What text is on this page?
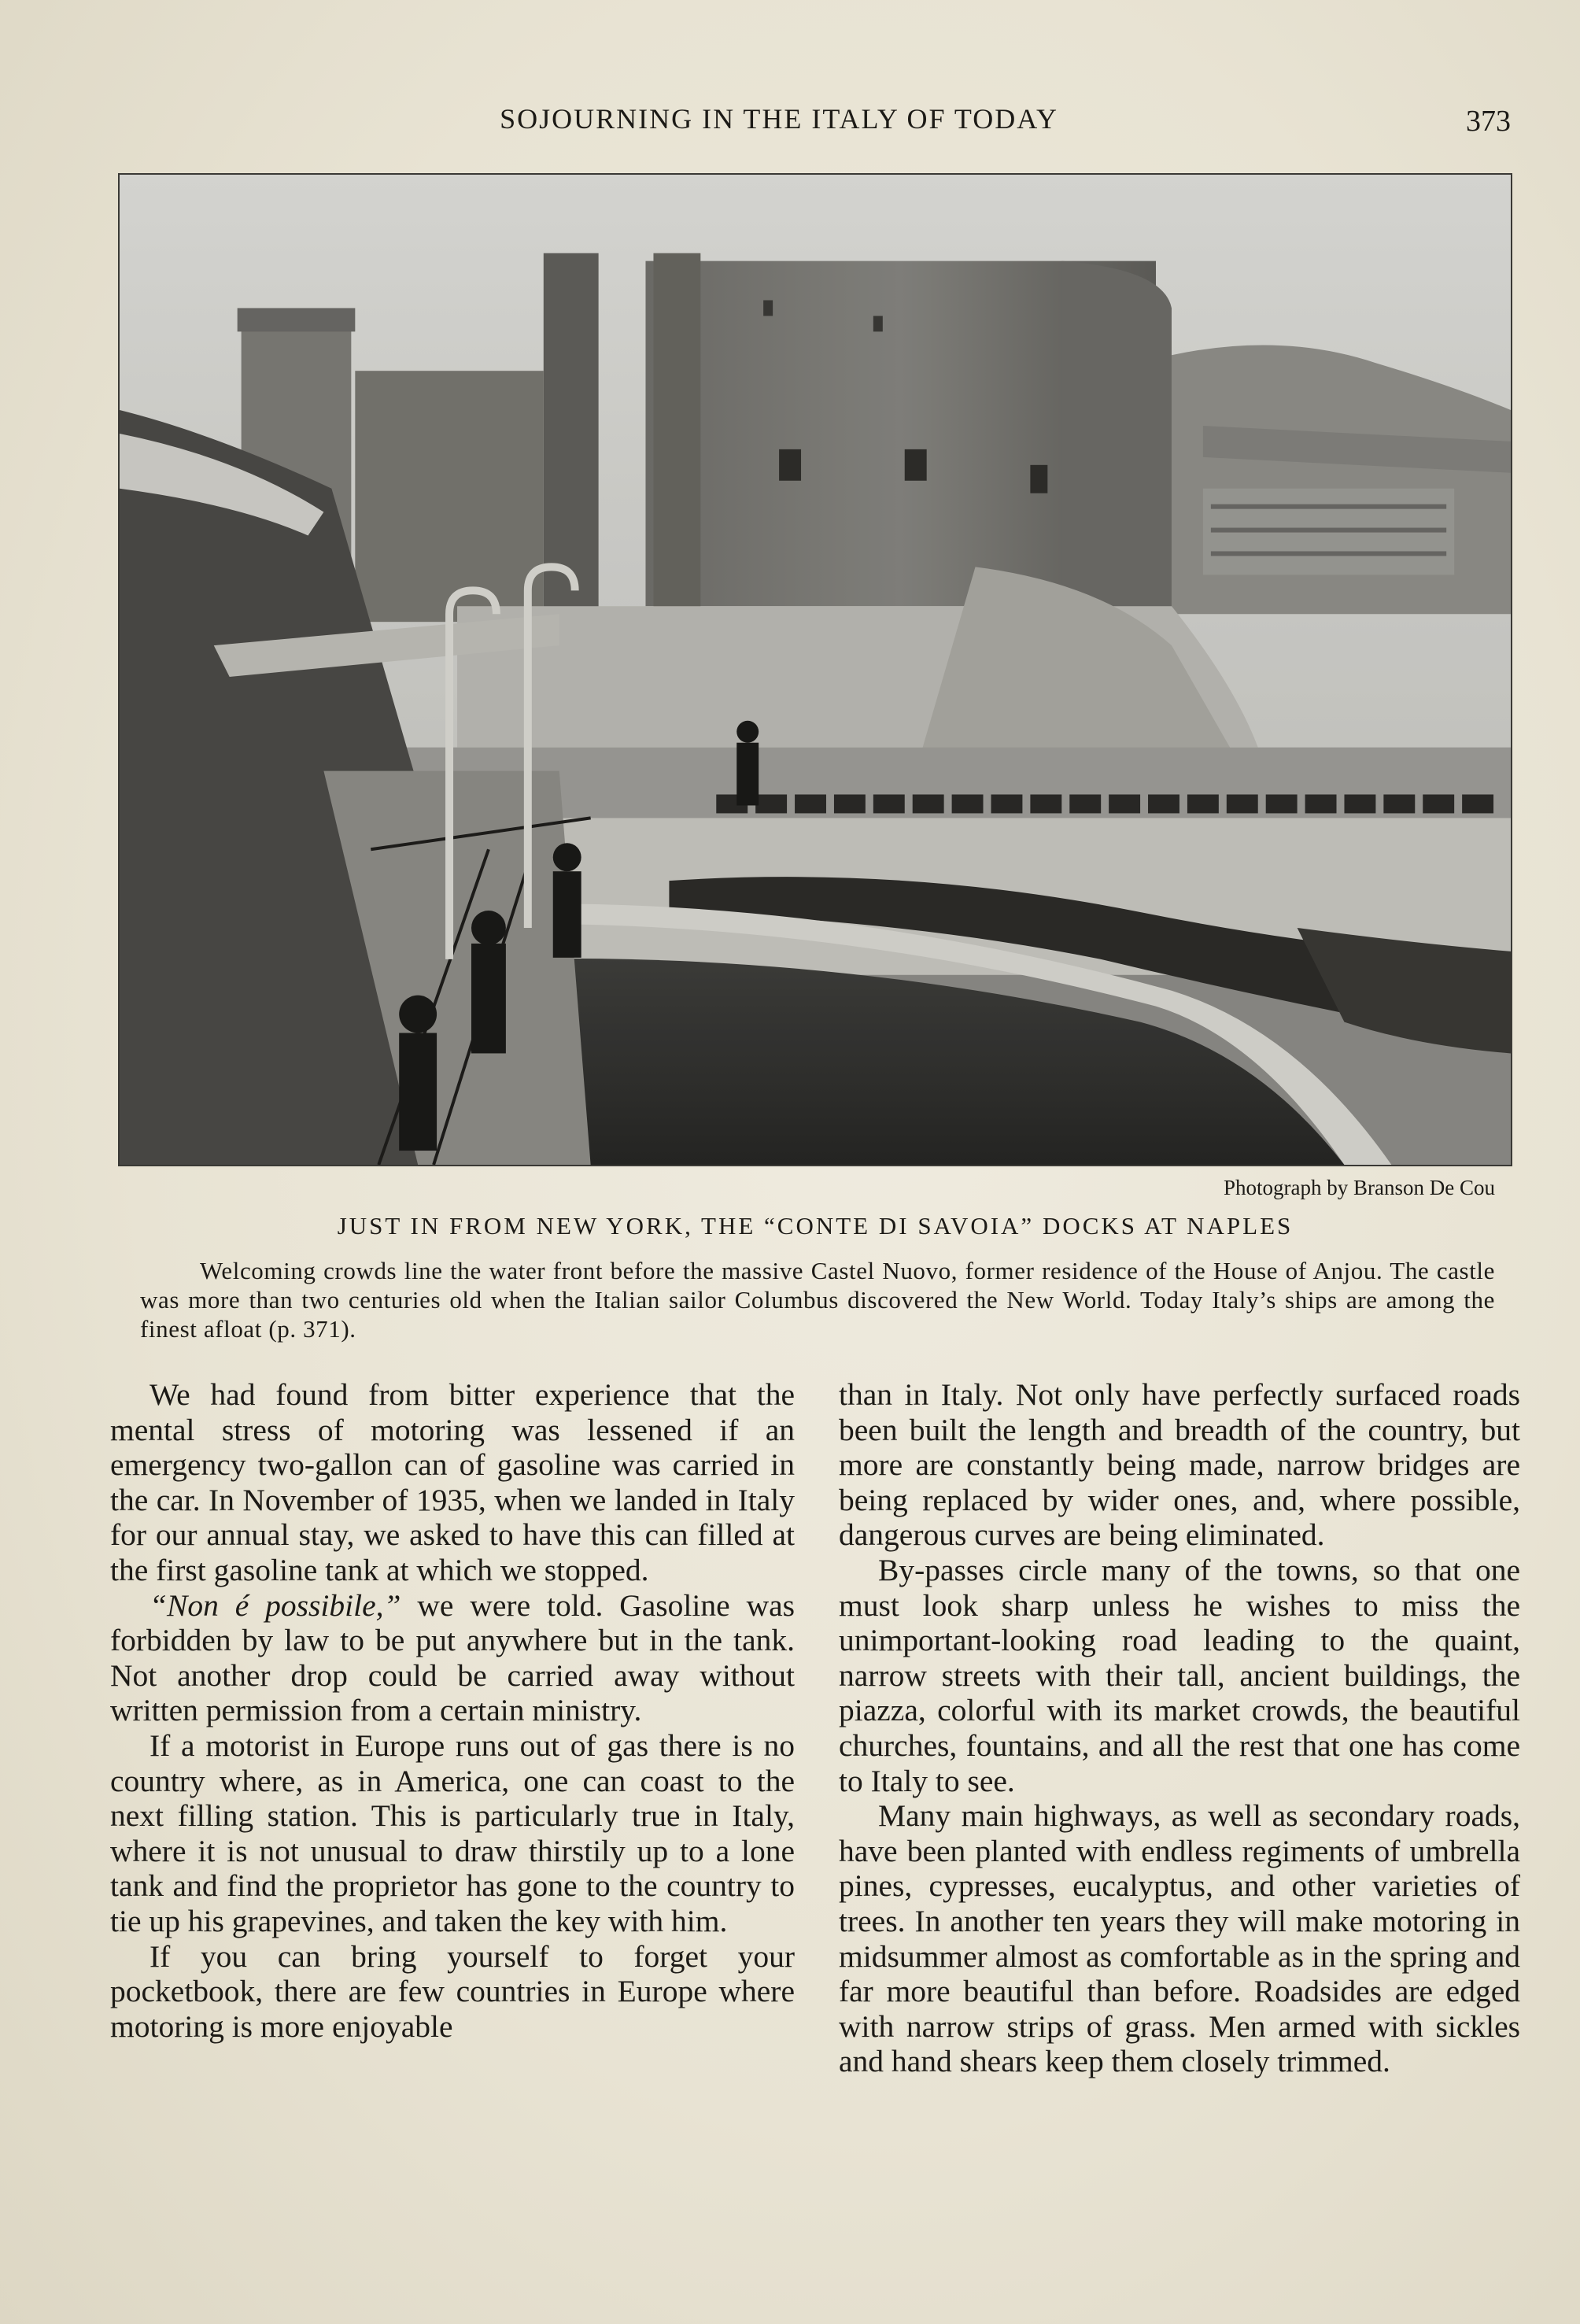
SOJOURNING IN THE ITALY OF TODAY	373
Photograph by Branson De Cou
JUST IN FROM NEW YORK, THE “CONTE DI SAVOIA” DOCKS AT NAPLES
Welcoming crowds line the water front before the massive Castel Nuovo, former residence of the House of Anjou. The castle was more than two centuries old when the Italian sailor Columbus discovered the New World. Today Italy’s ships are among the finest afloat (p. 371).

We had found from bitter experience that the mental stress of motoring was lessened if an emergency two-gallon can of gasoline was carried in the car. In November of 1935, when we landed in Italy for our annual stay, we asked to have this can filled at the first gasoline tank at which we stopped.

“Non é possibile,” we were told. Gasoline was forbidden by law to be put anywhere but in the tank. Not another drop could be carried away without written permission from a certain ministry.

If a motorist in Europe runs out of gas there is no country where, as in America, one can coast to the next filling station. This is particularly true in Italy, where it is not unusual to draw thirstily up to a lone tank and find the proprietor has gone to the country to tie up his grapevines, and taken the key with him.

If you can bring yourself to forget your pocketbook, there are few countries in Europe where motoring is more enjoyable

than in Italy. Not only have perfectly surfaced roads been built the length and breadth of the country, but more are constantly being made, narrow bridges are being replaced by wider ones, and, where possible, dangerous curves are being eliminated.

By-passes circle many of the towns, so that one must look sharp unless he wishes to miss the unimportant-looking road leading to the quaint, narrow streets with their tall, ancient buildings, the piazza, colorful with its market crowds, the beautiful churches, fountains, and all the rest that one has come to Italy to see.

Many main highways, as well as secondary roads, have been planted with endless regiments of umbrella pines, cypresses, eucalyptus, and other varieties of trees. In another ten years they will make motoring in midsummer almost as comfortable as in the spring and far more beautiful than before. Roadsides are edged with narrow strips of grass. Men armed with sickles and hand shears keep them closely trimmed.
